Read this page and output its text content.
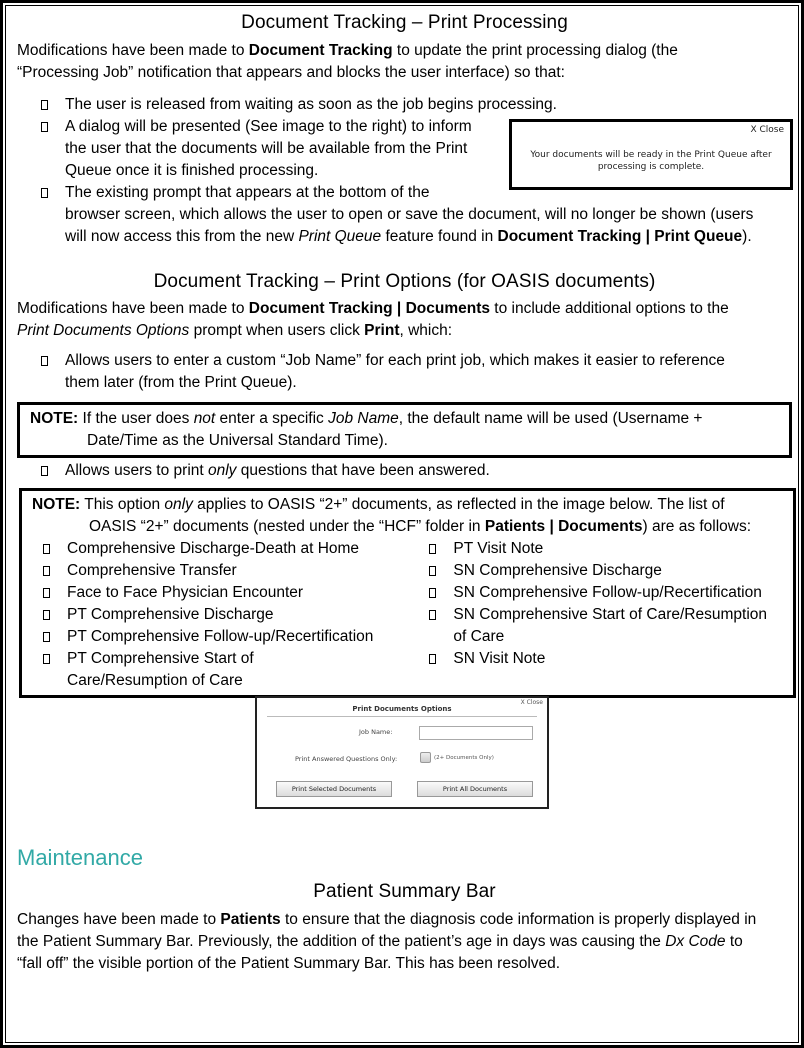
Document Tracking – Print Processing

Modifications have been made to Document Tracking to update the print processing dialog (the
“Processing Job” notification that appears and blocks the user interface) so that:

The user is released from waiting as soon as the job begins processing.
A dialog will be presented (See image to the right) to inform
the user that the documents will be available from the Print
Queue once it is finished processing.
The existing prompt that appears at the bottom of the
browser screen, which allows the user to open or save the document, will no longer be shown (users
will now access this from the new Print Queue feature found in Document Tracking | Print Queue).
Document Tracking – Print Options (for OASIS documents)

Modifications have been made to Document Tracking | Documents to include additional options to the
Print Documents Options prompt when users click Print, which:

Allows users to enter a custom “Job Name” for each print job, which makes it easier to reference
them later (from the Print Queue).
NOTE: If the user does not enter a specific Job Name, the default name will be used (Username +
Date/Time as the Universal Standard Time).
Allows users to print only questions that have been answered.
NOTE: This option only applies to OASIS “2+” documents, as reflected in the image below. The list of
OASIS “2+” documents (nested under the “HCF” folder in Patients | Documents) are as follows:
Comprehensive Discharge-Death at Home
Comprehensive Transfer
Face to Face Physician Encounter
PT Comprehensive Discharge
PT Comprehensive Follow-up/Recertification
PT Comprehensive Start of
Care/Resumption of Care
PT Visit Note
SN Comprehensive Discharge
SN Comprehensive Follow-up/Recertification
SN Comprehensive Start of Care/Resumption
of Care
SN Visit Note
Maintenance
Patient Summary Bar

Changes have been made to Patients to ensure that the diagnosis code information is properly displayed in
the Patient Summary Bar. Previously, the addition of the patient’s age in days was causing the Dx Code to
“fall off” the visible portion of the Patient Summary Bar. This has been resolved.

X Close
Your documents will be ready in the Print Queue after
processing is complete.
Print Documents Options
X Close
Job Name:
Print Answered Questions Only:	(2+ Documents Only)
Print Selected Documents	Print All Documents
